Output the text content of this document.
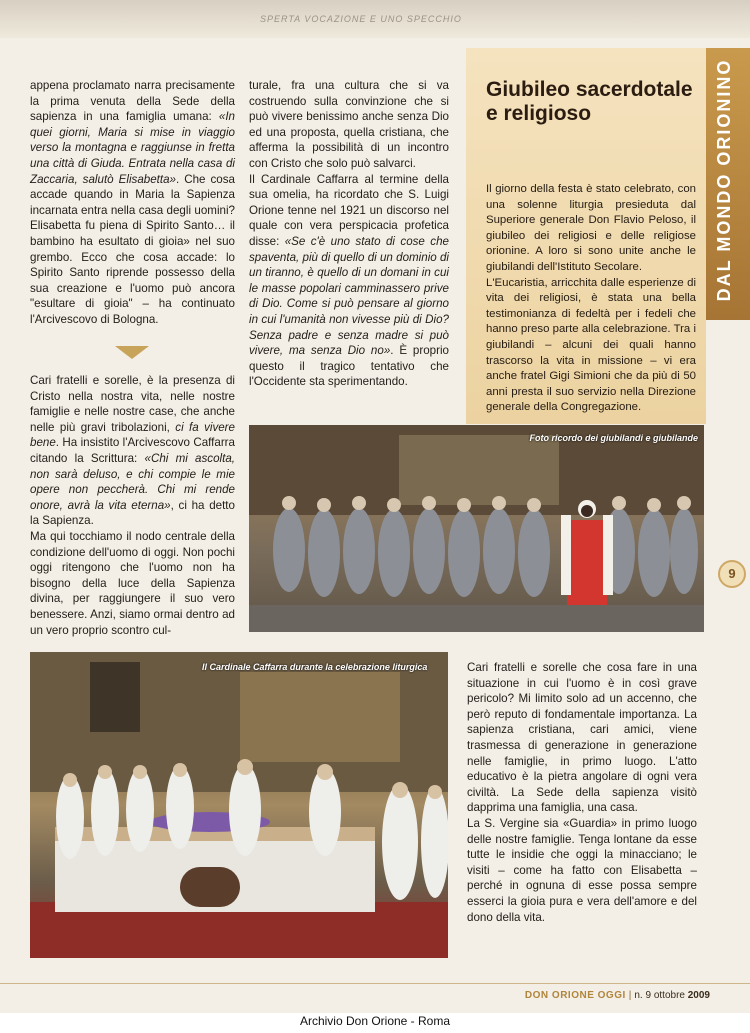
SPERTA VOCAZIONE E UNO SPECCHIO

appena proclamato narra precisamente la prima venuta della Sede della sapienza in una famiglia umana: «In quei giorni, Maria si mise in viaggio verso la montagna e raggiunse in fretta una città di Giuda. Entrata nella casa di Zaccaria, salutò Elisabetta». Che cosa accade quando in Maria la Sapienza incarnata entra nella casa degli uomini? Elisabetta fu piena di Spirito Santo… il bambino ha esultato di gioia» nel suo grembo. Ecco che cosa accade: lo Spirito Santo riprende possesso della sua creazione e l'uomo può ancora "esultare di gioia" – ha continuato l'Arcivescovo di Bologna.

Cari fratelli e sorelle, è la presenza di Cristo nella nostra vita, nelle nostre famiglie e nelle nostre case, che anche nelle più gravi tribolazioni, ci fa vivere bene. Ha insistito l'Arcivescovo Caffarra citando la Scrittura: «Chi mi ascolta, non sarà deluso, e chi compie le mie opere non peccherà. Chi mi rende onore, avrà la vita eterna», ci ha detto la Sapienza.

Ma qui tocchiamo il nodo centrale della condizione dell'uomo di oggi. Non pochi oggi ritengono che l'uomo non ha bisogno della luce della Sapienza divina, per raggiungere il suo vero benessere. Anzi, siamo ormai dentro ad un vero proprio scontro cul-

turale, fra una cultura che si va costruendo sulla convinzione che si può vivere benissimo anche senza Dio ed una proposta, quella cristiana, che afferma la possibilità di un incontro con Cristo che solo può salvarci.

Il Cardinale Caffarra al termine della sua omelia, ha ricordato che S. Luigi Orione tenne nel 1921 un discorso nel quale con vera perspicacia profetica disse: «Se c'è uno stato di cose che spaventa, più di quello di un dominio di un tiranno, è quello di un domani in cui le masse popolari camminassero prive di Dio. Come si può pensare al giorno in cui l'umanità non vivesse più di Dio? Senza padre e senza madre si può vivere, ma senza Dio no». È proprio questo il tragico tentativo che l'Occidente sta sperimentando.

Giubileo sacerdotale e religioso

Il giorno della festa è stato celebrato, con una solenne liturgia presieduta dal Superiore generale Don Flavio Peloso, il giubileo dei religiosi e delle religiose orionine. A loro si sono unite anche le giubilandi dell'Istituto Secolare.

L'Eucaristia, arricchita dalle esperienze di vita dei religiosi, è stata una bella testimonianza di fedeltà per i fedeli che hanno preso parte alla celebrazione. Tra i giubilandi – alcuni dei quali hanno trascorso la vita in missione – vi era anche fratel Gigi Simioni che da più di 50 anni presta il suo servizio nella Direzione generale della Congregazione.

DAL MONDO ORIONINO
9
Foto ricordo dei giubilandi e giubilande
Il Cardinale Caffarra durante la celebrazione liturgica	Cari fratelli e sorelle che cosa fare in una situazione in cui l'uomo è in così grave pericolo? Mi limito solo ad un accenno, che però reputo di fondamentale importanza. La sapienza cristiana, cari amici, viene trasmessa di generazione in generazione nelle famiglie, in primo luogo. L'atto educativo è la pietra angolare di ogni vera civiltà. La Sede della sapienza visitò dapprima una famiglia, una casa.

La S. Vergine sia «Guardia» in primo luogo delle nostre famiglie. Tenga lontane da esse tutte le insidie che oggi la minacciano; le visiti – come ha fatto con Elisabetta – perché in ognuna di esse possa sempre esserci la gioia pura e vera dell'amore e del dono della vita.

DON ORIONE OGGI | n. 9 ottobre 2009
Archivio Don Orione - Roma
